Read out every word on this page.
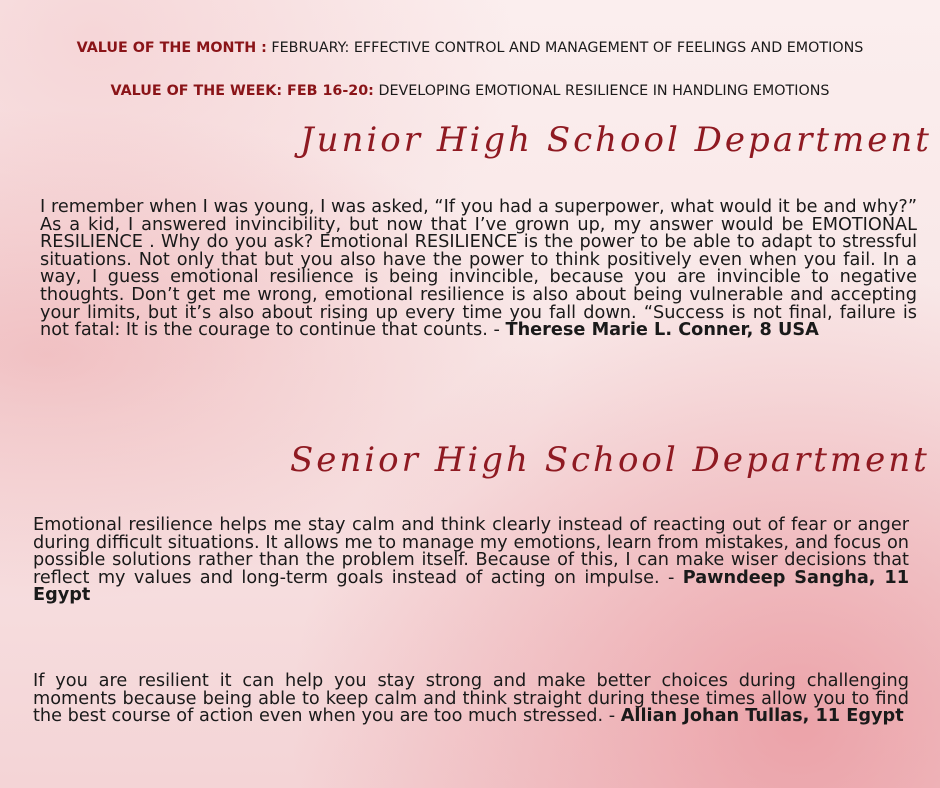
VALUE OF THE MONTH : FEBRUARY: EFFECTIVE CONTROL AND MANAGEMENT OF FEELINGS AND EMOTIONS
VALUE OF THE WEEK: FEB 16-20: DEVELOPING EMOTIONAL RESILIENCE IN HANDLING EMOTIONS
Junior High School Department
I remember when I was young, I was asked, “If you had a superpower, what would it be and why?” As a kid, I answered invincibility, but now that I’ve grown up, my answer would be EMOTIONAL RESILIENCE . Why do you ask? Emotional RESILIENCE is the power to be able to adapt to stressful situations. Not only that but you also have the power to think positively even when you fail. In a way, I guess emotional resilience is being invincible, because you are invincible to negative thoughts. Don’t get me wrong, emotional resilience is also about being vulnerable and accepting your limits, but it’s also about rising up every time you fall down. “Success is not final, failure is not fatal: It is the courage to continue that counts. - Therese Marie L. Conner, 8 USA
Senior High School Department
Emotional resilience helps me stay calm and think clearly instead of reacting out of fear or anger during difficult situations. It allows me to manage my emotions, learn from mistakes, and focus on possible solutions rather than the problem itself. Because of this, I can make wiser decisions that reflect my values and long-term goals instead of acting on impulse. - Pawndeep Sangha, 11 Egypt
If you are resilient it can help you stay strong and make better choices during challenging moments because being able to keep calm and think straight during these times allow you to find the best course of action even when you are too much stressed. - Allian Johan Tullas, 11 Egypt
